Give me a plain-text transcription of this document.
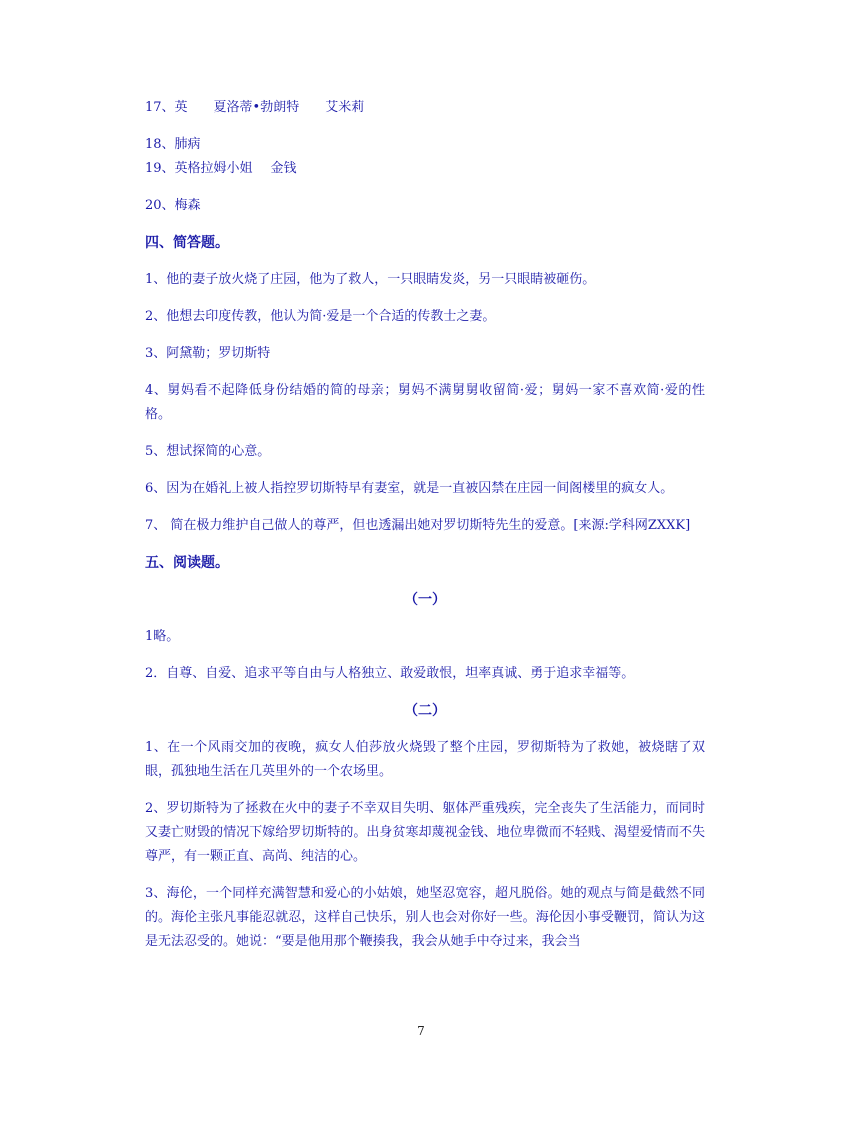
17、英 夏洛蒂•勃朗特 艾米莉

18、肺病

19、英格拉姆小姐 金钱

20、梅森

四、简答题。

1、他的妻子放火烧了庄园，他为了救人，一只眼睛发炎，另一只眼睛被砸伤。

2、他想去印度传教，他认为简·爱是一个合适的传教士之妻。

3、阿黛勒；罗切斯特

4、舅妈看不起降低身份结婚的简的母亲；舅妈不满舅舅收留简·爱；舅妈一家不喜欢简·爱的性格。

5、想试探简的心意。

6、因为在婚礼上被人指控罗切斯特早有妻室，就是一直被囚禁在庄园一间阁楼里的疯女人。

7、 简在极力维护自己做人的尊严，但也透漏出她对罗切斯特先生的爱意。[来源:学科网ZXXK]

五、阅读题。

（一）

1略。

2．自尊、自爱、追求平等自由与人格独立、敢爱敢恨，坦率真诚、勇于追求幸福等。

（二）

1、在一个风雨交加的夜晚，疯女人伯莎放火烧毁了整个庄园，罗彻斯特为了救她，被烧瞎了双眼，孤独地生活在几英里外的一个农场里。

2、罗切斯特为了拯救在火中的妻子不幸双目失明、躯体严重残疾，完全丧失了生活能力，而同时又妻亡财毁的情况下嫁给罗切斯特的。出身贫寒却蔑视金钱、地位卑微而不轻贱、渴望爱情而不失尊严，有一颗正直、高尚、纯洁的心。

3、海伦，一个同样充满智慧和爱心的小姑娘，她坚忍宽容，超凡脱俗。她的观点与简是截然不同的。海伦主张凡事能忍就忍，这样自己快乐，别人也会对你好一些。海伦因小事受鞭罚，简认为这是无法忍受的。她说：“要是他用那个鞭揍我，我会从她手中夺过来，我会当

7
